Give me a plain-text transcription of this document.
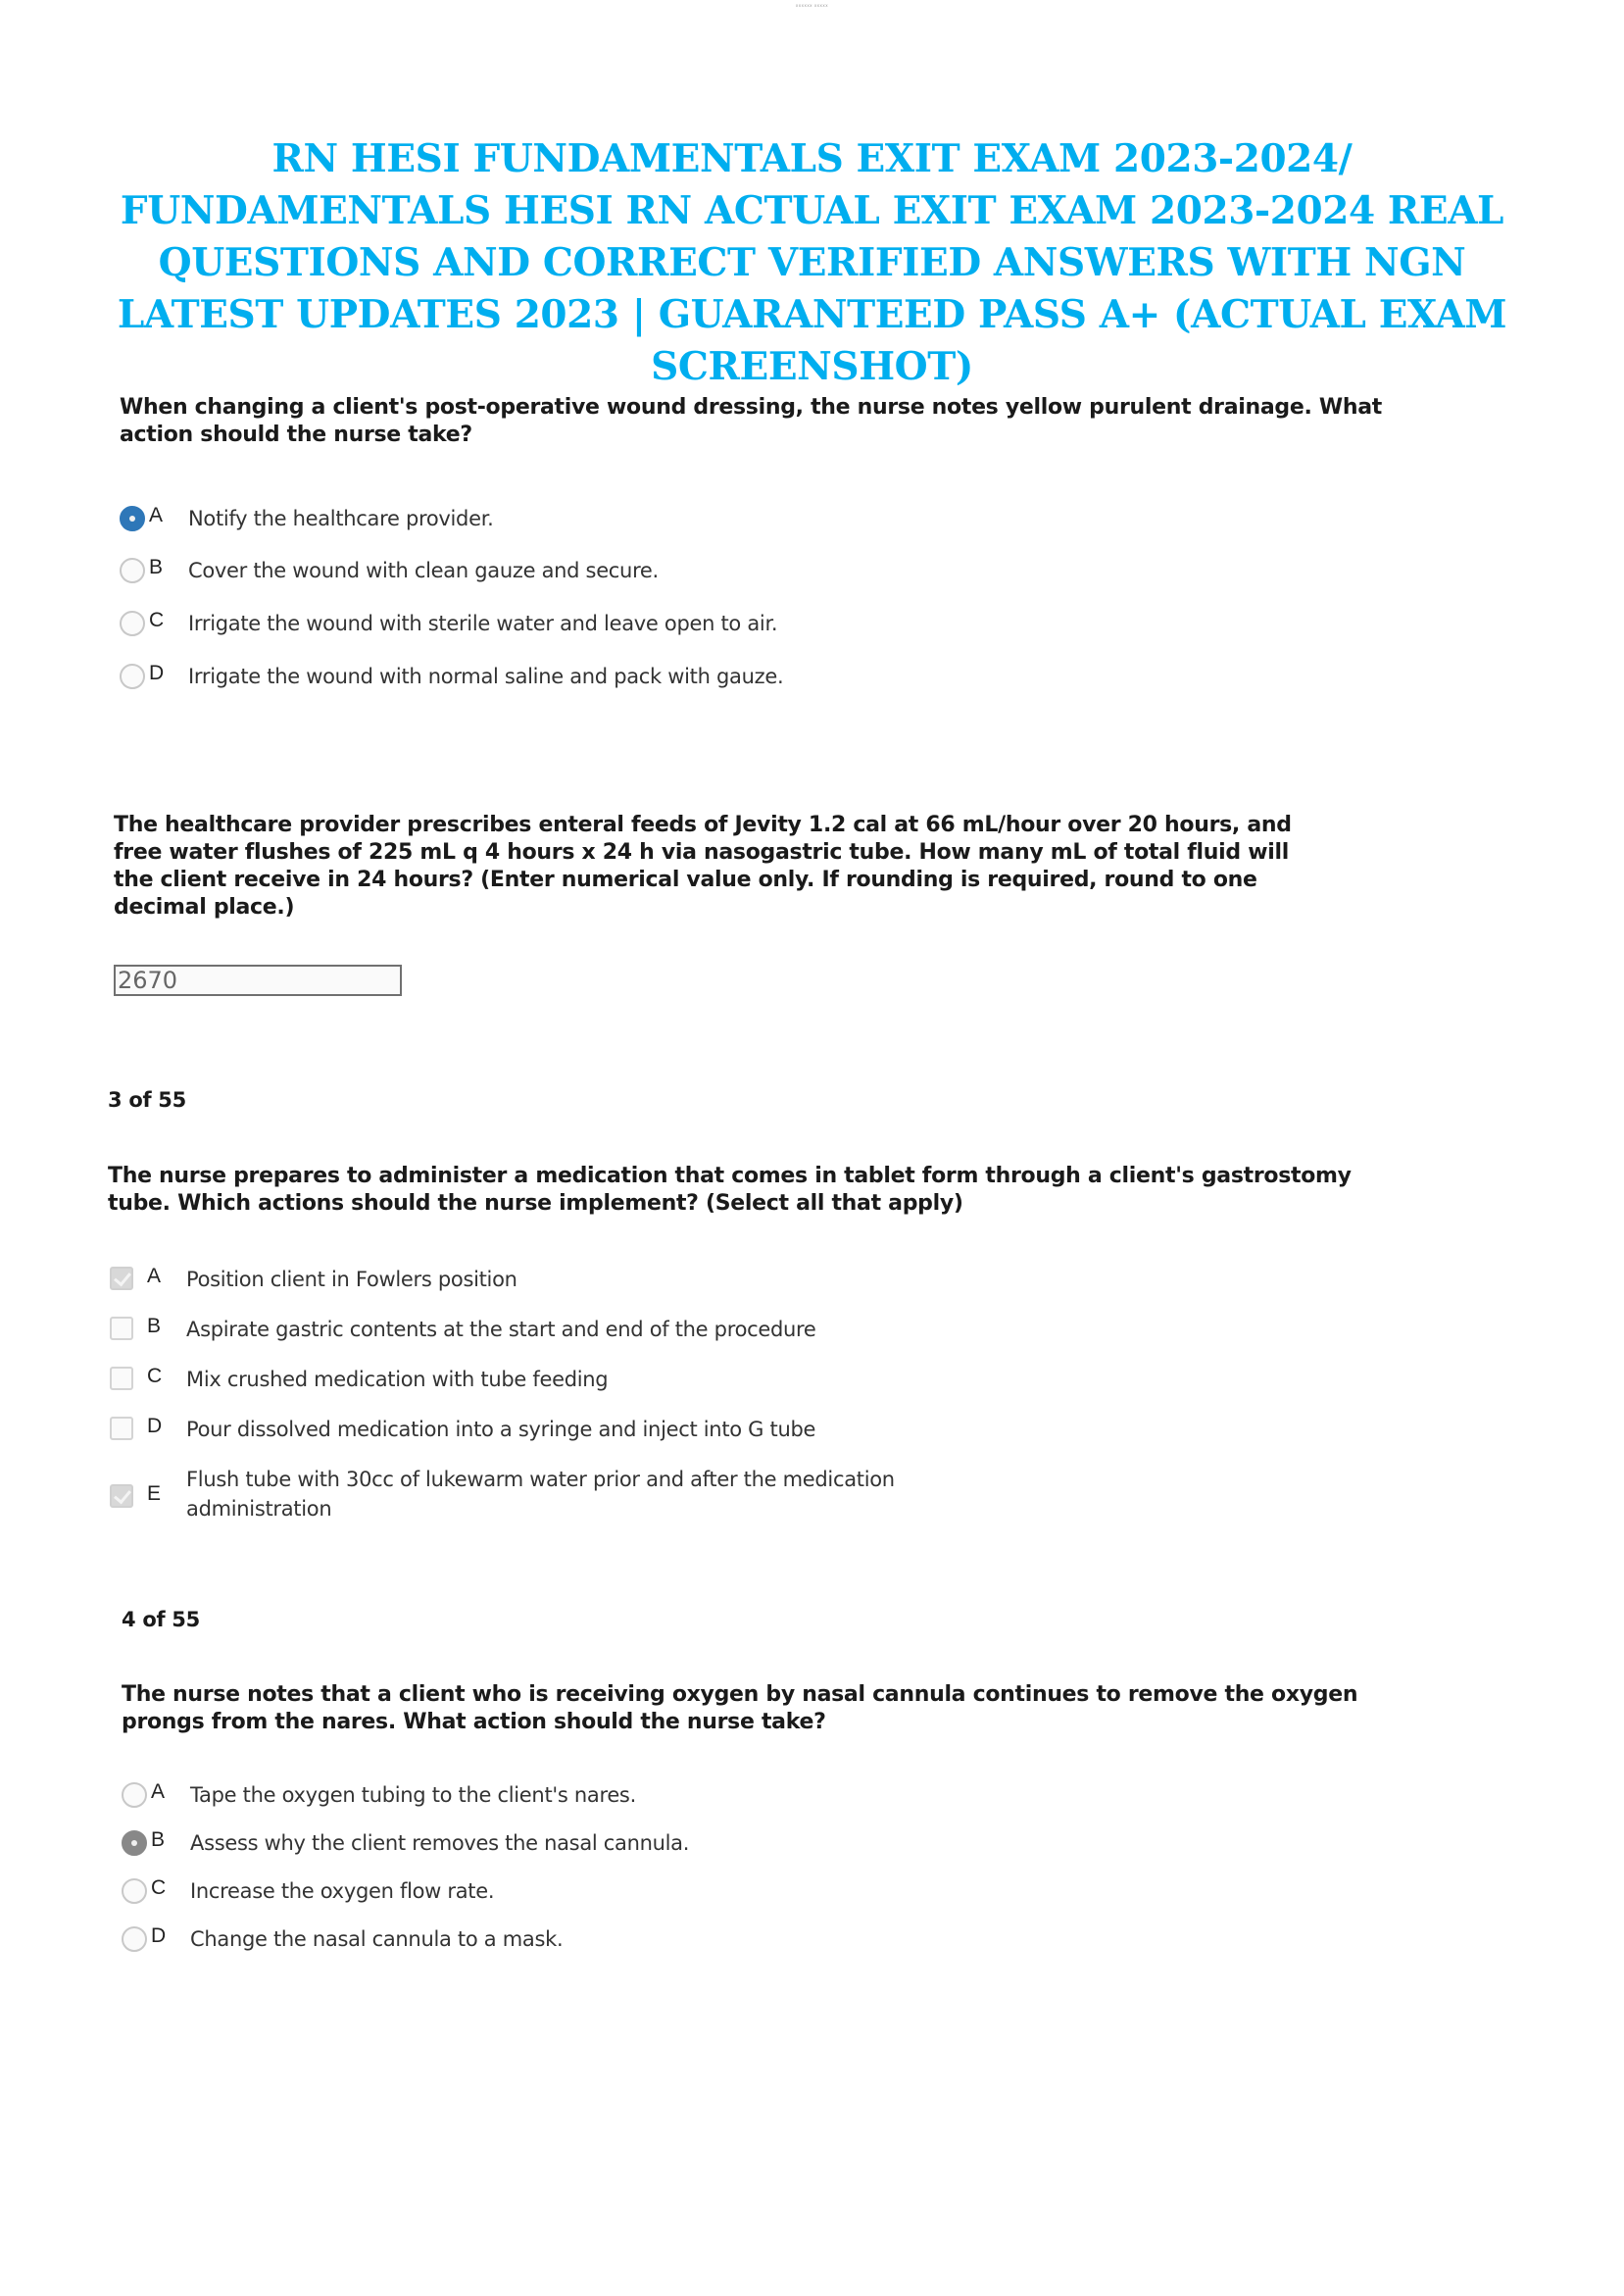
xxxxxx xxxxx
RN HESI FUNDAMENTALS EXIT EXAM 2023-2024/ FUNDAMENTALS HESI RN ACTUAL EXIT EXAM 2023-2024 REAL QUESTIONS AND CORRECT VERIFIED ANSWERS WITH NGN LATEST UPDATES 2023 | GUARANTEED PASS A+ (ACTUAL EXAM SCREENSHOT)

When changing a client's post-operative wound dressing, the nurse notes yellow purulent drainage. What action should the nurse take?

A	Notify the healthcare provider.
B	Cover the wound with clean gauze and secure.
C	Irrigate the wound with sterile water and leave open to air.
D	Irrigate the wound with normal saline and pack with gauze.

The healthcare provider prescribes enteral feeds of Jevity 1.2 cal at 66 mL/hour over 20 hours, and free water flushes of 225 mL q 4 hours x 24 h via nasogastric tube. How many mL of total fluid will the client receive in 24 hours? (Enter numerical value only. If rounding is required, round to one decimal place.)

2670
3 of 55

The nurse prepares to administer a medication that comes in tablet form through a client's gastrostomy tube. Which actions should the nurse implement? (Select all that apply)

A	Position client in Fowlers position
B	Aspirate gastric contents at the start and end of the procedure
C	Mix crushed medication with tube feeding
D	Pour dissolved medication into a syringe and inject into G tube
E
Flush tube with 30cc of lukewarm water prior and after the medication
administration
4 of 55

The nurse notes that a client who is receiving oxygen by nasal cannula continues to remove the oxygen prongs from the nares. What action should the nurse take?

A	Tape the oxygen tubing to the client's nares.
B	Assess why the client removes the nasal cannula.
C	Increase the oxygen flow rate.
D	Change the nasal cannula to a mask.
